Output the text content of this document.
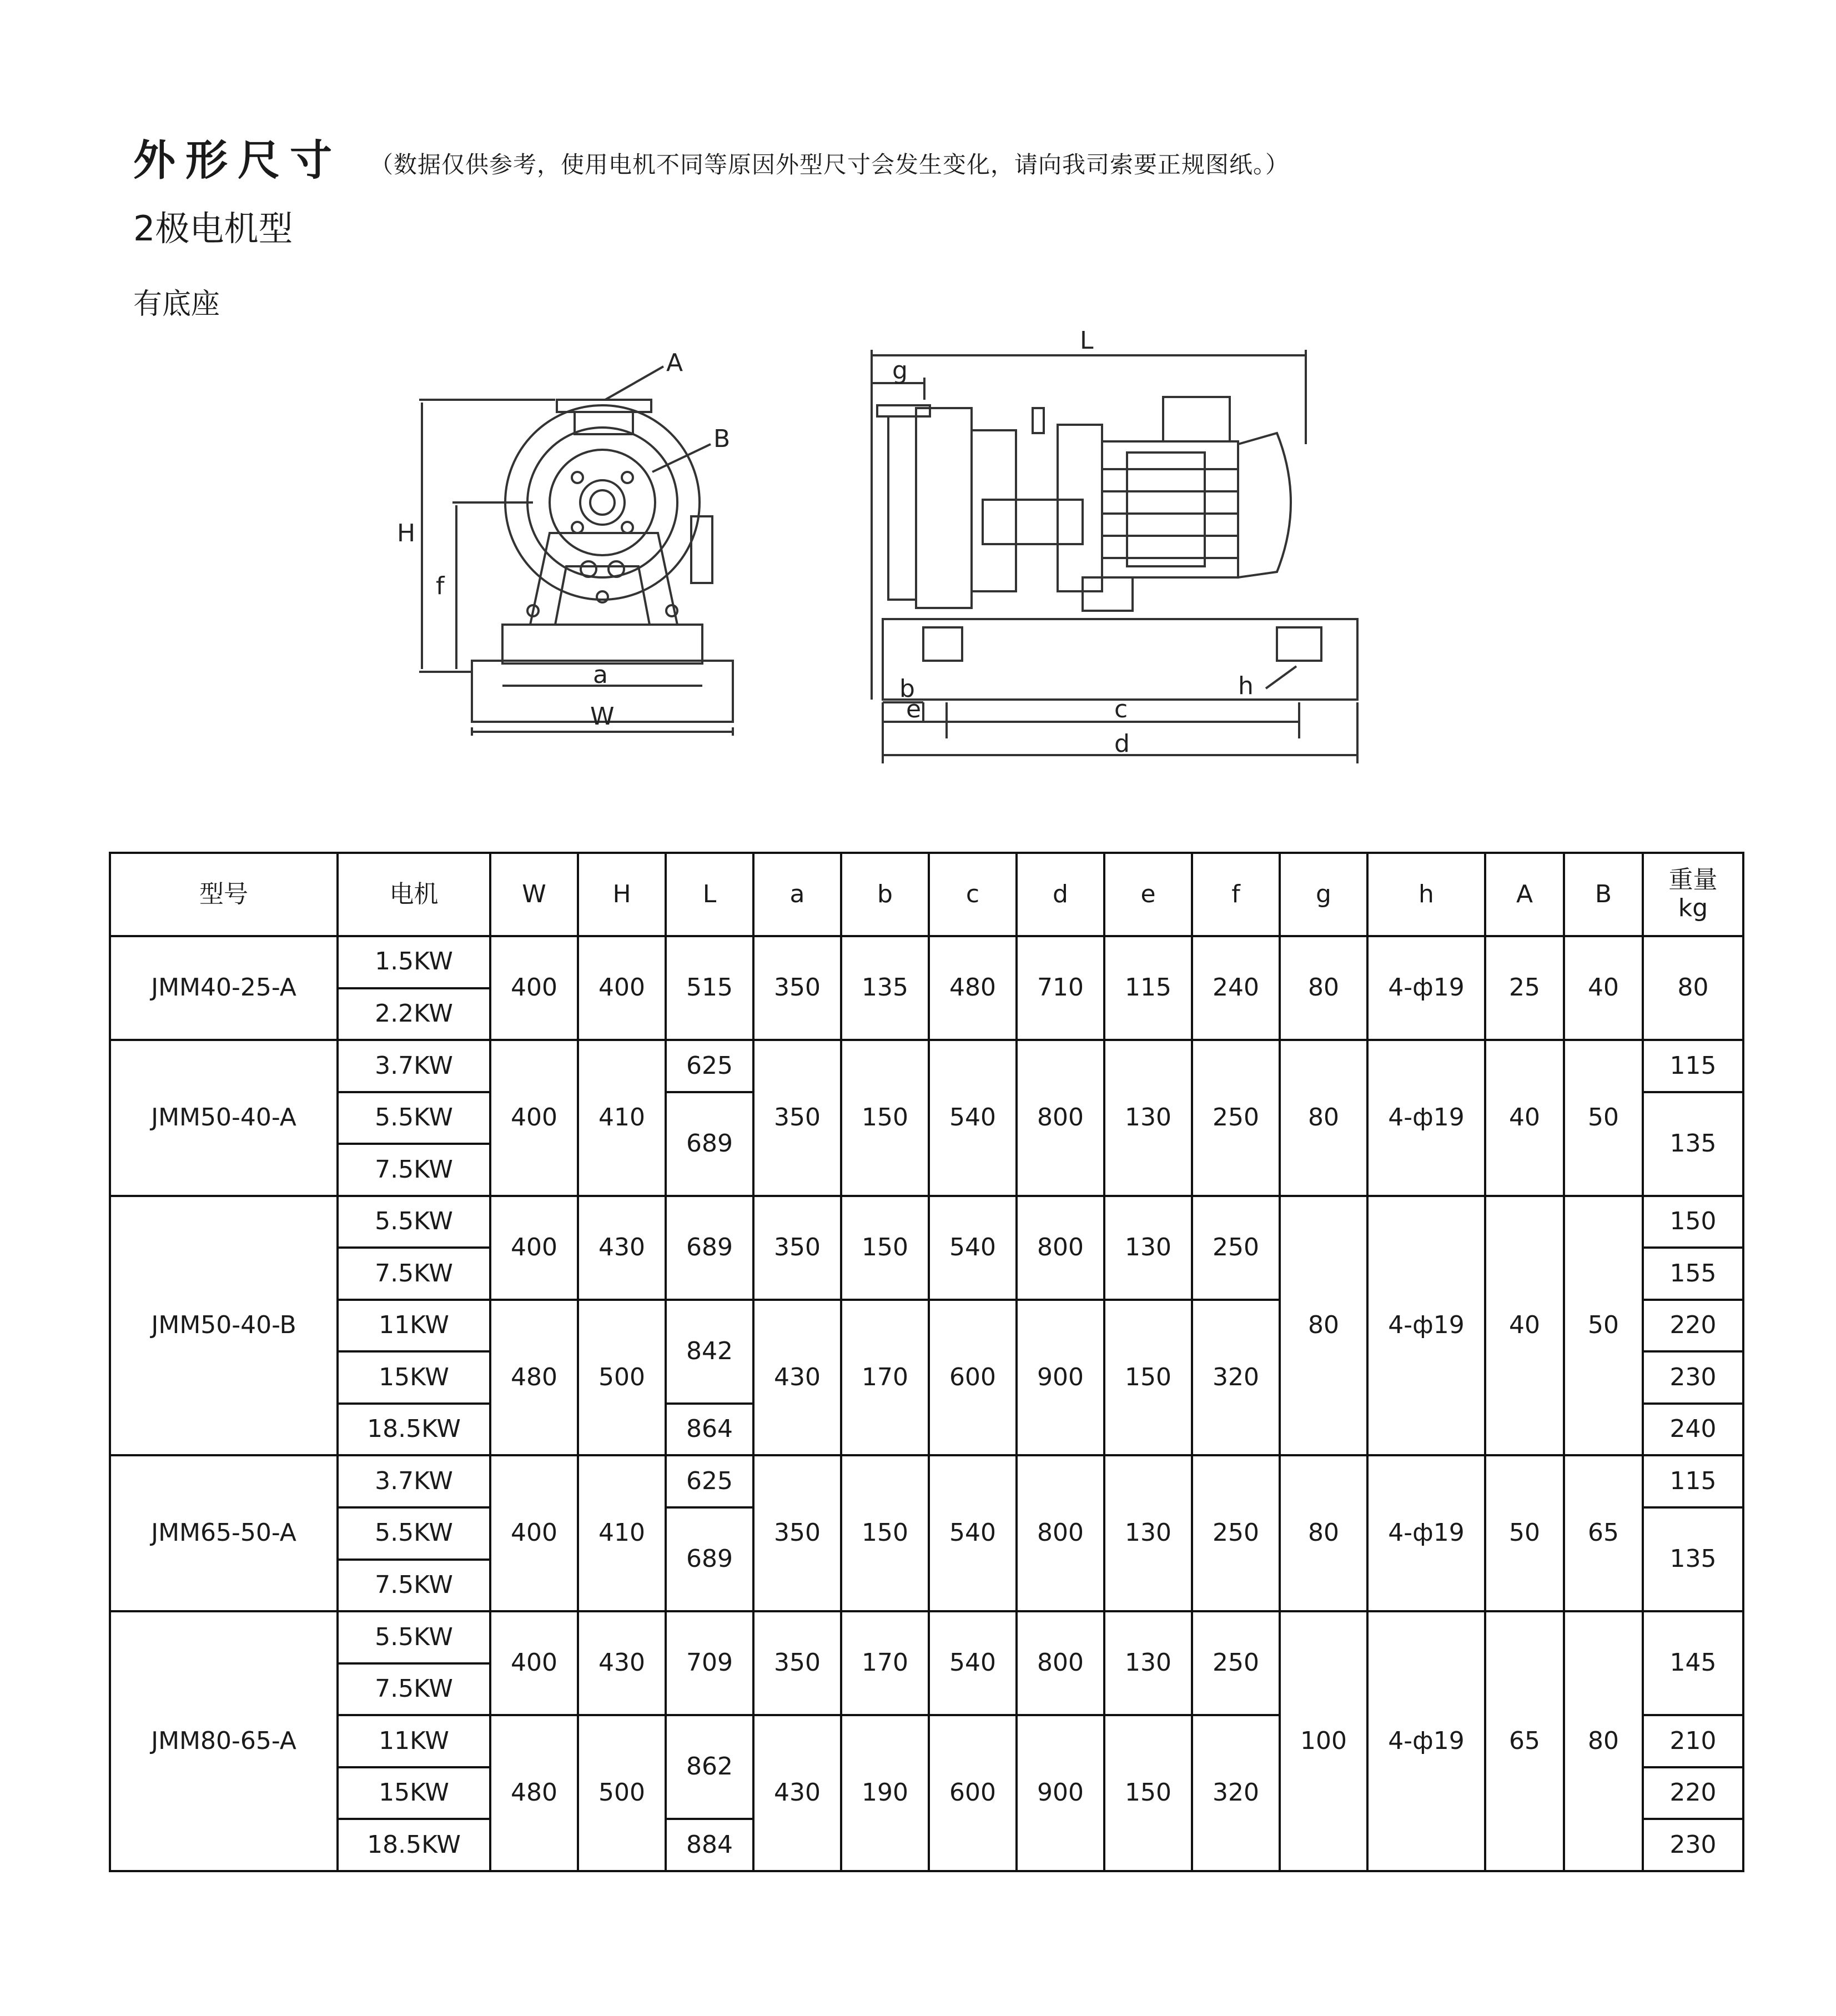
外形尺寸 （数据仅供参考，使用电机不同等原因外型尺寸会发生变化，请向我司索要正规图纸。）
2极电机型
有底座
A
B
H
f
a
W
L
g
b
e	c
d
h
型号	电机	W	H	L	a	b	c	d	e	f	g	h	A	B	重量
kg
JMM40-25-A	1.5KW	400	400	515	350	135	480	710	115	240	80	4-ф19	25	40	80
	2.2KW														
JMM50-40-A	3.7KW	400	410	625	350	150	540	800	130	250	80	4-ф19	40	50	115
	5.5KW			689											135
	7.5KW														
JMM50-40-B	5.5KW	400	430	689	350	150	540	800	130	250	80	4-ф19	40	50	150
	7.5KW														155
	11KW	480	500	842	430	170	600	900	150	320					220
	15KW														230
	18.5KW			864											240
JMM65-50-A	3.7KW	400	410	625	350	150	540	800	130	250	80	4-ф19	50	65	115
	5.5KW			689											135
	7.5KW														
JMM80-65-A	5.5KW	400	430	709	350	170	540	800	130	250	100	4-ф19	65	80	145
	7.5KW														
	11KW	480	500	862	430	190	600	900	150	320					210
	15KW														220
	18.5KW			884											230
